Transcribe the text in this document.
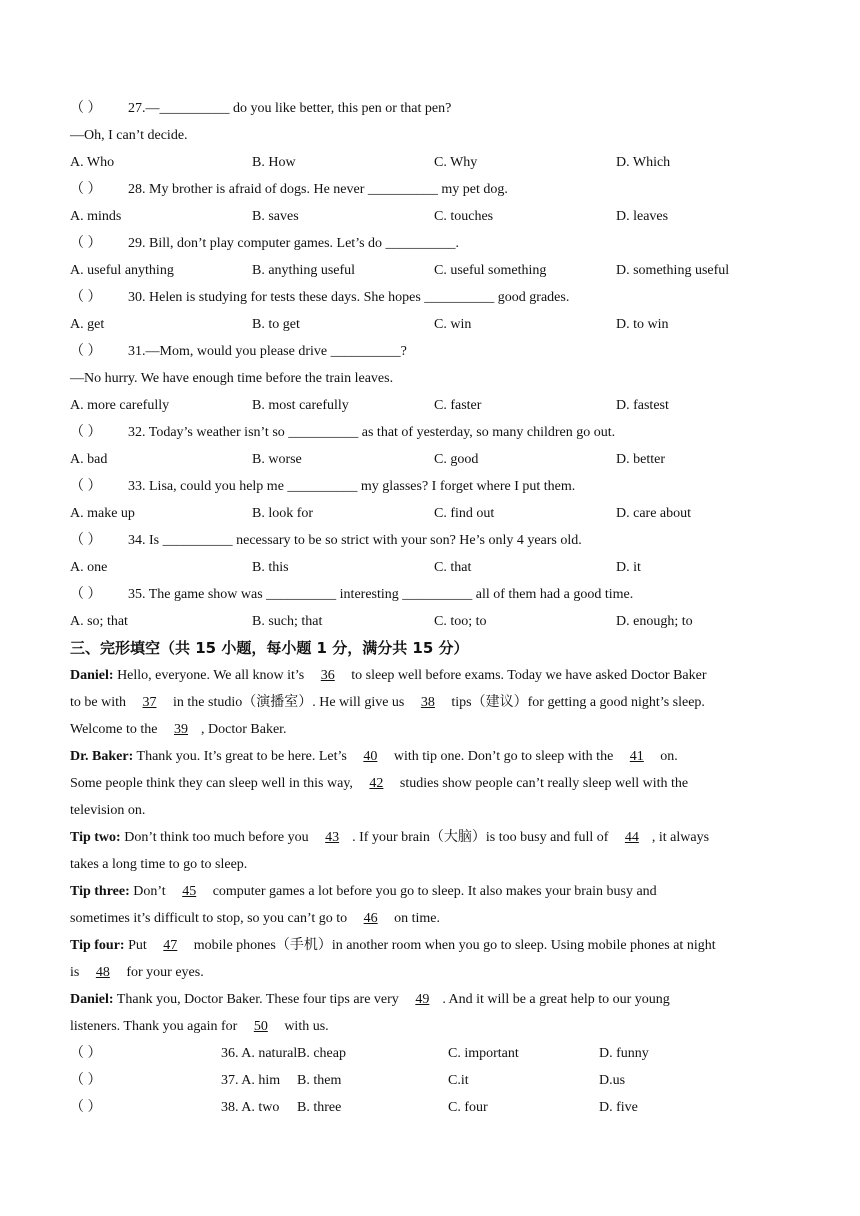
（ ） 27.—__________ do you like better, this pen or that pen?
—Oh, I can’t decide.
A. Who	B. How	C. Why	D. Which
（ ） 28. My brother is afraid of dogs. He never __________ my pet dog.
A. minds	B. saves	C. touches	D. leaves
（ ） 29. Bill, don’t play computer games. Let’s do __________.
A. useful anything	B. anything useful	C. useful something	D. something useful
（ ） 30. Helen is studying for tests these days. She hopes __________ good grades.
A. get	B. to get	C. win	D. to win
（ ） 31.—Mom, would you please drive __________?
—No hurry. We have enough time before the train leaves.
A. more carefully	B. most carefully	C. faster	D. fastest
（ ） 32. Today’s weather isn’t so __________ as that of yesterday, so many children go out.
A. bad	B. worse	C. good	D. better
（ ） 33. Lisa, could you help me __________ my glasses? I forget where I put them.
A. make up	B. look for	C. find out	D. care about
（ ） 34. Is __________ necessary to be so strict with your son? He’s only 4 years old.
A. one	B. this	C. that	D. it
（ ） 35. The game show was __________ interesting __________ all of them had a good time.
A. so; that	B. such; that	C. too; to	D. enough; to
三、完形填空（共 15 小题，每小题 1 分，满分共 15 分）
Daniel: Hello, everyone. We all know it’s 36 to sleep well before exams. Today we have asked Doctor Baker
to be with 37 in the studio（演播室）. He will give us 38 tips（建议）for getting a good night’s sleep.
Welcome to the 39 , Doctor Baker.
Dr. Baker: Thank you. It’s great to be here. Let’s 40 with tip one. Don’t go to sleep with the 41 on.
Some people think they can sleep well in this way, 42 studies show people can’t really sleep well with the
television on.
Tip two: Don’t think too much before you 43 . If your brain（大脑）is too busy and full of 44 , it always
takes a long time to go to sleep.
Tip three: Don’t 45 computer games a lot before you go to sleep. It also makes your brain busy and
sometimes it’s difficult to stop, so you can’t go to 46 on time.
Tip four: Put 47 mobile phones（手机）in another room when you go to sleep. Using mobile phones at night
is 48 for your eyes.
Daniel: Thank you, Doctor Baker. These four tips are very 49 . And it will be a great help to our young
listeners. Thank you again for 50 with us.
（ ）	36. A. natural B. cheap	C. important	D. funny
（ ）	37. A. him	B. them	C.it	D.us
（ ）	38. A. two	B. three	C. four	D. five
